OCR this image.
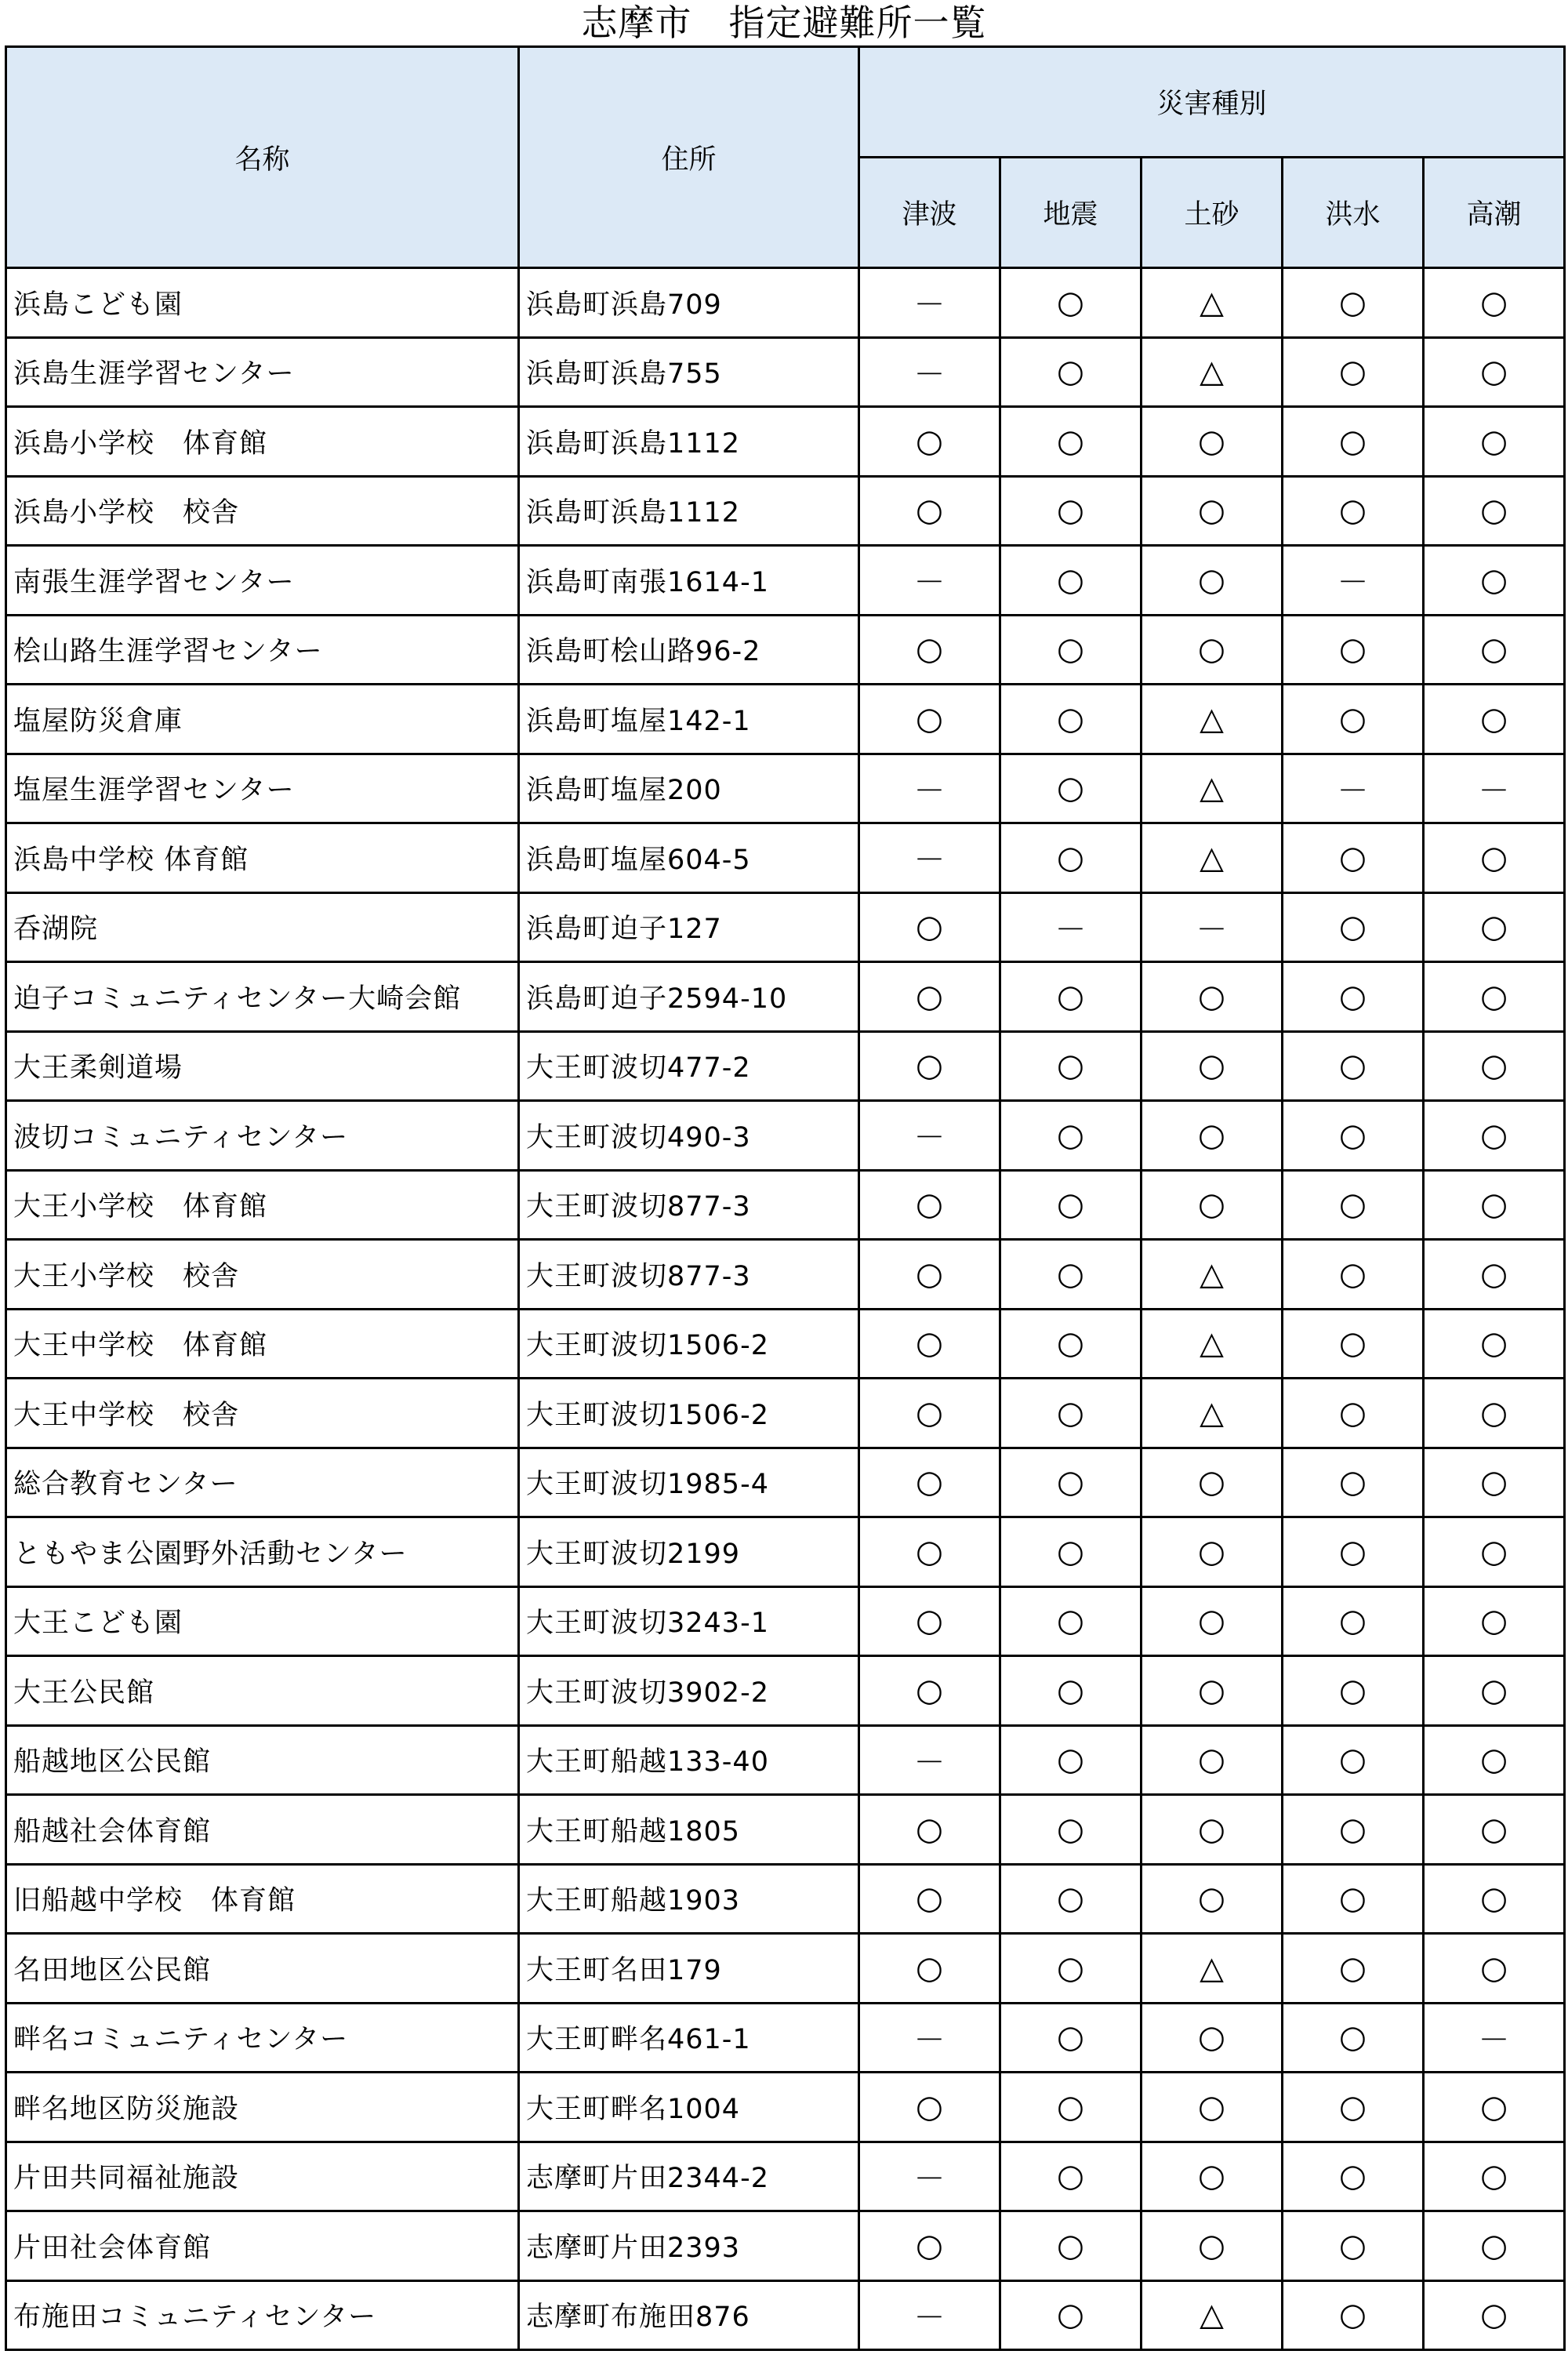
志摩市　指定避難所一覧
名称	住所	災害種別				
		津波	地震	土砂	洪水	高潮
浜島こども園	浜島町浜島709	－	○	△	○	○
浜島生涯学習センター	浜島町浜島755	－	○	△	○	○
浜島小学校　体育館	浜島町浜島1112	○	○	○	○	○
浜島小学校　校舎	浜島町浜島1112	○	○	○	○	○
南張生涯学習センター	浜島町南張1614-1	－	○	○	－	○
桧山路生涯学習センター	浜島町桧山路96-2	○	○	○	○	○
塩屋防災倉庫	浜島町塩屋142-1	○	○	△	○	○
塩屋生涯学習センター	浜島町塩屋200	－	○	△	－	－
浜島中学校 体育館	浜島町塩屋604-5	－	○	△	○	○
呑湖院	浜島町迫子127	○	－	－	○	○
迫子コミュニティセンター大崎会館	浜島町迫子2594-10	○	○	○	○	○
大王柔剣道場	大王町波切477-2	○	○	○	○	○
波切コミュニティセンター	大王町波切490-3	－	○	○	○	○
大王小学校　体育館	大王町波切877-3	○	○	○	○	○
大王小学校　校舎	大王町波切877-3	○	○	△	○	○
大王中学校　体育館	大王町波切1506-2	○	○	△	○	○
大王中学校　校舎	大王町波切1506-2	○	○	△	○	○
総合教育センター	大王町波切1985-4	○	○	○	○	○
ともやま公園野外活動センター	大王町波切2199	○	○	○	○	○
大王こども園	大王町波切3243-1	○	○	○	○	○
大王公民館	大王町波切3902-2	○	○	○	○	○
船越地区公民館	大王町船越133-40	－	○	○	○	○
船越社会体育館	大王町船越1805	○	○	○	○	○
旧船越中学校　体育館	大王町船越1903	○	○	○	○	○
名田地区公民館	大王町名田179	○	○	△	○	○
畔名コミュニティセンター	大王町畔名461-1	－	○	○	○	－
畔名地区防災施設	大王町畔名1004	○	○	○	○	○
片田共同福祉施設	志摩町片田2344-2	－	○	○	○	○
片田社会体育館	志摩町片田2393	○	○	○	○	○
布施田コミュニティセンター	志摩町布施田876	－	○	△	○	○
